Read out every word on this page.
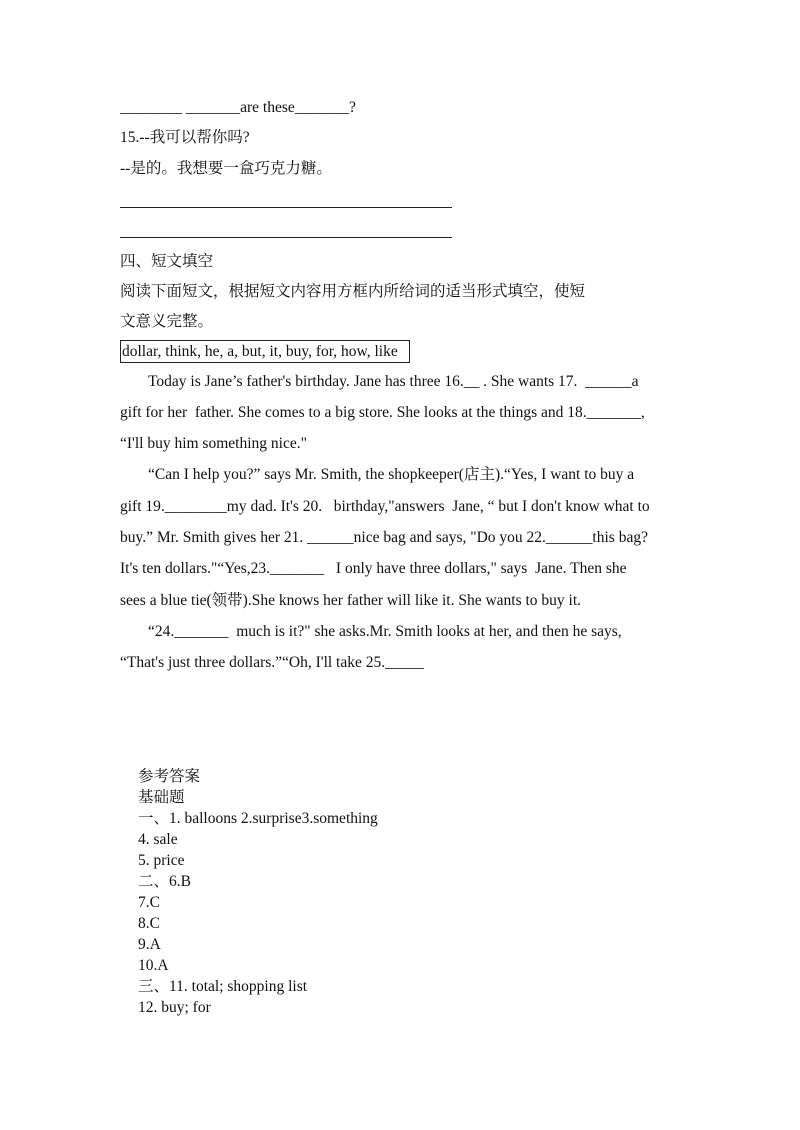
________ _______are these_______?
15.--我可以帮你吗?
--是的。我想要一盒巧克力糖。
四、短文填空
阅读下面短文，根据短文内容用方框内所给词的适当形式填空，使短
文意义完整。
dollar, think, he, a, but, it, buy, for, how, like
Today is Jane’s father's birthday. Jane has three 16.__ . She wants 17.  ______a
gift for her  father. She comes to a big store. She looks at the things and 18._______,
“I'll buy him something nice."
“Can I help you?” says Mr. Smith, the shopkeeper(店主).“Yes, I want to buy a
gift 19.________my dad. It's 20.   birthday,"answers  Jane, “ but I don't know what to
buy.” Mr. Smith gives her 21. ______nice bag and says, "Do you 22.______this bag?
It's ten dollars."“Yes,23._______   I only have three dollars," says  Jane. Then she
sees a blue tie(领带).She knows her father will like it. She wants to buy it.
“24._______  much is it?" she asks.Mr. Smith looks at her, and then he says,
“That's just three dollars.”“Oh, I'll take 25._____
参考答案
基础题
一、1. balloons 2.surprise3.something
4. sale
5. price
二、6.B
7.C
8.C
9.A
10.A
三、11. total; shopping list
12. buy; for
